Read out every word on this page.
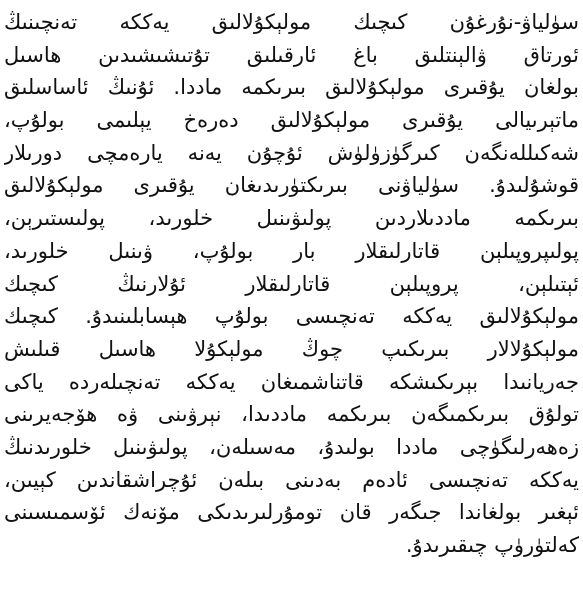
سۈلياۋ-نۇرغۇن كىچىك مولېكۇلالىق يەككە تەنچىنىڭ
ئورتاق ۋالېنتلىق باغ ئارقىلىق تۇتىشىشىدىن ھاسىل
بولغان يۇقىرى مولېكۇلالىق بىرىكمە ماددا. ئۇنىڭ ئاساسلىق
ماتېرىيالى يۇقىرى مولېكۇلالىق دەرەخ يېلىمى بولۇپ،
شەكىللەنگەن كىرگۈزۈلۈش ئۇچۇن يەنە يارەمچى دورىلار
قوشۇلىدۇ. سۈلياۋنى بىرىكتۈرىدىغان يۇقىرى مولېكۇلالىق
بىرىكمە ماددىلاردىن پولىۋىنىل خلورىد، پولىستىرېن،
پولىپروپىلېن قاتارلىقلار بار بولۇپ، ۋىنىل خلورىد،
ئېتىلېن، پروپىلېن قاتارلىقلار ئۇلارنىڭ كىچىك
مولېكۇلالىق يەككە تەنچىسى بولۇپ ھېسابلىنىدۇ. كىچىك
مولېكۇلالار بىرىكىپ چوڭ مولېكۇلا ھاسىل قىلىش
جەريانىدا بېرىكىشكە قاتناشمىغان يەككە تەنچىلەردە ياكى
تولۇق بىرىكمىگەن بىرىكمە ماددىدا، نېرۋىنى ۋە ھۆجەيرىنى
زەھەرلىگۈچى ماددا بولىدۇ، مەسىلەن، پولىۋىنىل خلورىدنىڭ
يەككە تەنچىسى ئادەم بەدىنى بىلەن ئۇچراشقاندىن كېيىن،
ئېغىر بولغاندا جىگەر قان تومۇرلىرىدىكى مۆنەك ئۆسمىسىنى
كەلتۈرۈپ چىقىرىدۇ.
